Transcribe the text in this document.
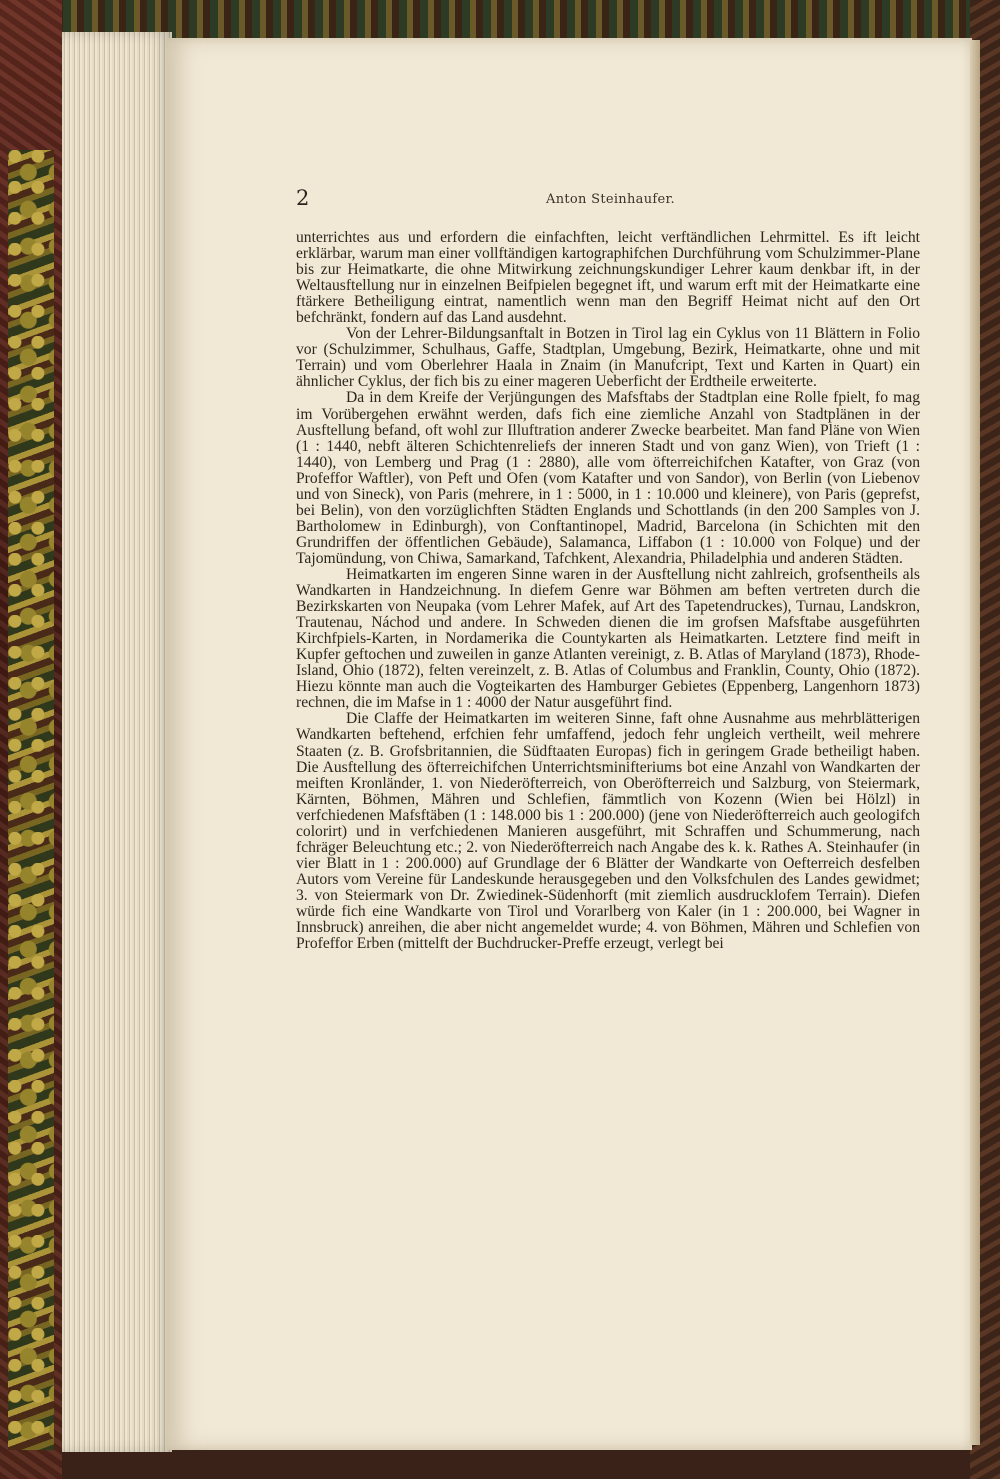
2	Anton Steinhaufer.

unterrichtes aus und erfordern die einfachften, leicht verftändlichen Lehrmittel. Es ift leicht erklärbar, warum man einer vollftändigen kartographifchen Durchführung vom Schulzimmer-Plane bis zur Heimatkarte, die ohne Mitwirkung zeichnungskundiger Lehrer kaum denkbar ift, in der Weltausftellung nur in einzelnen Beifpielen begegnet ift, und warum erft mit der Heimatkarte eine ftärkere Betheiligung eintrat, namentlich wenn man den Begriff Heimat nicht auf den Ort befchränkt, fondern auf das Land ausdehnt.

Von der Lehrer-Bildungsanftalt in Botzen in Tirol lag ein Cyklus von 11 Blättern in Folio vor (Schulzimmer, Schulhaus, Gaffe, Stadtplan, Umgebung, Bezirk, Heimatkarte, ohne und mit Terrain) und vom Oberlehrer Haala in Znaim (in Manufcript, Text und Karten in Quart) ein ähnlicher Cyklus, der fich bis zu einer mageren Ueberficht der Erdtheile erweiterte.

Da in dem Kreife der Verjüngungen des Mafsftabs der Stadtplan eine Rolle fpielt, fo mag im Vorübergehen erwähnt werden, dafs fich eine ziemliche Anzahl von Stadtplänen in der Ausftellung befand, oft wohl zur Illuftration anderer Zwecke bearbeitet. Man fand Pläne von Wien (1 : 1440, nebft älteren Schichtenreliefs der inneren Stadt und von ganz Wien), von Trieft (1 : 1440), von Lemberg und Prag (1 : 2880), alle vom öfterreichifchen Katafter, von Graz (von Profeffor Waftler), von Peft und Ofen (vom Katafter und von Sandor), von Berlin (von Liebenov und von Sineck), von Paris (mehrere, in 1 : 5000, in 1 : 10.000 und kleinere), von Paris (geprefst, bei Belin), von den vorzüglichften Städten Englands und Schottlands (in den 200 Samples von J. Bartholomew in Edinburgh), von Conftantinopel, Madrid, Barcelona (in Schichten mit den Grundriffen der öffentlichen Gebäude), Salamanca, Liffabon (1 : 10.000 von Folque) und der Tajomündung, von Chiwa, Samarkand, Tafchkent, Alexandria, Philadelphia und anderen Städten.

Heimatkarten im engeren Sinne waren in der Ausftellung nicht zahlreich, grofsentheils als Wandkarten in Handzeichnung. In diefem Genre war Böhmen am beften vertreten durch die Bezirkskarten von Neupaka (vom Lehrer Mafek, auf Art des Tapetendruckes), Turnau, Landskron, Trautenau, Náchod und andere. In Schweden dienen die im grofsen Mafsftabe ausgeführten Kirchfpiels-Karten, in Nordamerika die Countykarten als Heimatkarten. Letztere find meift in Kupfer geftochen und zuweilen in ganze Atlanten vereinigt, z. B. Atlas of Maryland (1873), Rhode-Island, Ohio (1872), felten vereinzelt, z. B. Atlas of Columbus and Franklin, County, Ohio (1872). Hiezu könnte man auch die Vogteikarten des Hamburger Gebietes (Eppenberg, Langenhorn 1873) rechnen, die im Mafse in 1 : 4000 der Natur ausgeführt find.

Die Claffe der Heimatkarten im weiteren Sinne, faft ohne Ausnahme aus mehrblätterigen Wandkarten beftehend, erfchien fehr umfaffend, jedoch fehr ungleich vertheilt, weil mehrere Staaten (z. B. Grofsbritannien, die Südftaaten Europas) fich in geringem Grade betheiligt haben. Die Ausftellung des öfterreichifchen Unterrichtsminifteriums bot eine Anzahl von Wandkarten der meiften Kronländer, 1. von Niederöfterreich, von Oberöfterreich und Salzburg, von Steiermark, Kärnten, Böhmen, Mähren und Schlefien, fämmtlich von Kozenn (Wien bei Hölzl) in verfchiedenen Mafsftäben (1 : 148.000 bis 1 : 200.000) (jene von Niederöfterreich auch geologifch colorirt) und in verfchiedenen Manieren ausgeführt, mit Schraffen und Schummerung, nach fchräger Beleuchtung etc.; 2. von Niederöfterreich nach Angabe des k. k. Rathes A. Steinhaufer (in vier Blatt in 1 : 200.000) auf Grundlage der 6 Blätter der Wandkarte von Oefterreich desfelben Autors vom Vereine für Landeskunde herausgegeben und den Volksfchulen des Landes gewidmet; 3. von Steiermark von Dr. Zwiedinek-Südenhorft (mit ziemlich ausdrucklofem Terrain). Diefen würde fich eine Wandkarte von Tirol und Vorarlberg von Kaler (in 1 : 200.000, bei Wagner in Innsbruck) anreihen, die aber nicht angemeldet wurde; 4. von Böhmen, Mähren und Schlefien von Profeffor Erben (mittelft der Buchdrucker-Preffe erzeugt, verlegt bei
